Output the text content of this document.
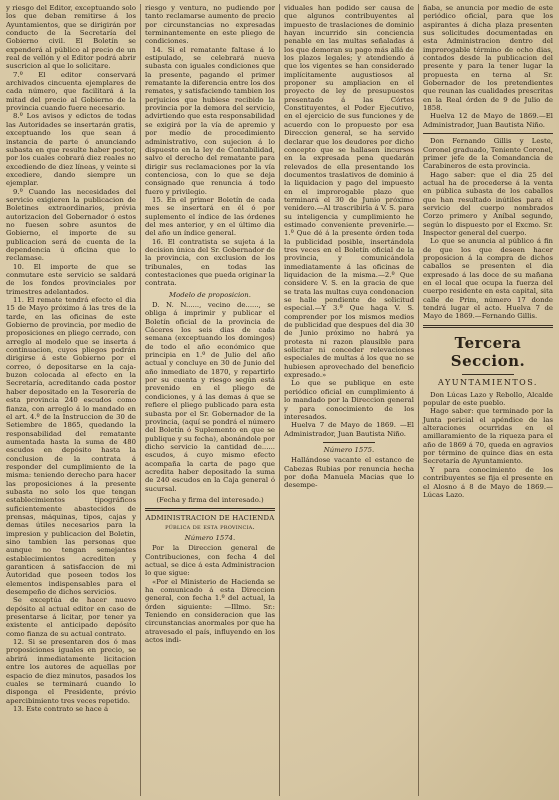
y riesgo del Editor, exceptuando solo los que deban remitirse á los Ayuntamientos, que se dirigirán por conducto de la Secretaría del Gobierno civil. El Boletín se expenderá al público al precio de un real de vellón y el Editor podrá abrir suscricion al que lo solicitare.

7.º El editor conservará archivados cincuenta ejemplares de cada número, que facilitará á la mitad del precio al Gobierno de la provincia cuando fuere necesario.

8.º Los avisos y edictos de todas las Autoridades se insertarán gratis, exceptuando los que sean á instancia de parte ó anunciando subasta en que resulte haber postor, por los cuales cobrará diez reales no excediendo de diez líneas, y veinte si excediere, dando siempre un ejemplar.

9.º Cuando las necesidades del servicio exigieren la publicacion de Boletines extraordinarios, prévia autorizacion del Gobernador ó estos no fuesen sobre asuntos de Gobierno, el importe de su publicacion será de cuenta de la dependencia ú oficina que lo reclamase.

10. El importe de que se conmutare este servicio se saldará de los fondos provinciales por trimestres adelantados.

11. El remate tendrá efecto el dia 15 de Mayo próximo á las tres de la tarde, en las oficinas de este Gobierno de provincia, por medio de proposiciones en pliego cerrado, con arreglo al modelo que se inserta á continuacion, cuyos pliegos podrán dirigirse á este Gobierno por el correo, ó depositarse en la caja-buzon colocada al efecto en la Secretaría, acreditando cada postor haber depositado en la Tesorería de esta provincia 240 escudos como fianza, con arreglo á lo mandado en el art. 4.º de la Instruccion de 30 de Setiembre de 1865, quedando la responsabilidad del rematante aumentada hasta la suma de 480 escudos en depósito hasta la conclusion de la contrata á responder del cumplimiento de la misma: teniendo derecho para hacer las proposiciones á la presente subasta no solo los que tengan establecimientos tipográficos suficientemente abastecidos de prensas, máquinas, tipos, cajas y demas útiles necesarios para la impresion y publicacion del Boletin, sino tambien las personas que aunque no tengan semejantes establecimientos acrediten y garanticen á satisfaccion de mi Autoridad que poseen todos los elementos indispensables para el desempeño de dichos servicios.

Se exceptúa de hacer nuevo depósito al actual editor en caso de presentarse á licitar, por tener ya existente el anticipado depósito como fianza de su actual contrato.

12. Si se presentaren dos ó mas proposiciones iguales en precio, se abrirá inmediatamente licitacion entre los autores de aquellas por espacio de diez minutos, pasados los cuales se terminará cuando lo disponga el Presidente, prévio apercibimiento tres veces repetido.

13. Este contrato se hace á

riesgo y ventura, no pudiendo por tanto reclamarse aumento de precio por circunstancias no expresadas terminantemente en este pliego de condiciones.

14. Si el rematante faltase á lo estipulado, se celebrará nueva subasta con iguales condiciones que la presente, pagando el primer rematante la diferencia entre los dos remates, y satisfaciendo tambien los perjuicios que hubiese recibido la provincia por la demora del servicio, advirtiendo que esta responsabilidad se exigirá por la vía de apremio y por medio de procedimiento administrativo, con sujecion á lo dispuesto en la ley de Contabilidad, salvo el derecho del rematante para dirigir sus reclamaciones por la vía contenciosa, con lo que se deja consignado que renuncia á todo fuero y privilegio.

15. En el primer Boletín de cada mes se insertará en él ó por suplemento el índice de las órdenes del mes anterior, y en el último dia del año un índice general.

16. El contratista se sujeta á la decision única del Sr. Gobernador de la provincia, con exclusion de los tribunales, en todas las contestaciones que pueda originar la contrata.

Modelo de proposicion.

D. N. N......, vecino de......, se obliga á imprimir y publicar el Boletín oficial de la provincia de Cáceres los seis dias de cada semana (exceptuando los domingos) de todo el año económico que principia en 1.º de Julio del año actual y concluye en 30 de Junio del año inmediato de 1870, y repartirlo por su cuenta y riesgo según está prevenido en el pliego de condiciones, y á las demas á que se refiere el pliego publicado para esta subasta por el Sr. Gobernador de la provincia, (aquí se pondrá el número del Boletín ó Suplemento en que se publique y su fecha), abonándole por dicho servicio la cantidad de...... escudos, á cuyo mismo efecto acompaña la carta de pago que acredita haber depositado la suma de 240 escudos en la Caja general ó sucursal.

(Fecha y firma del interesado.)

ADMINISTRACION DE HACIENDA pública de esta provincia.

Número 1574.

Por la Direccion general de Contribuciones, con fecha 4 del actual, se dice á esta Administracion lo que sigue:

«Por el Ministerio de Hacienda se ha comunicado á esta Direccion general, con fecha 1.º del actual, la órden siguiente: —Illmo. Sr.: Teniendo en consideracion que las circunstancias anormales por que ha atravesado el país, influyendo en los actos indi-

viduales han podido ser causa de que algunos contribuyentes al impuesto de traslaciones de dominio hayan incurrido sin conciencia penable en las multas señaladas á los que demoran su pago más allá de los plazos legales; y atendiendo á que los vigentes se han considerado implícitamente augustiosos al proponer su ampliacion en el proyecto de ley de presupuestos presentado á las Córtes Constituyentes, el Poder Ejecutivo, en el ejercicio de sus funciones y de acuerdo con lo propuesto por esa Direccion general, se ha servido declarar que los deudores por dicho concepto que se hallasen incursos en la expresada pena quedarán relevados de ella presentando los documentos traslativos de dominio á la liquidacion y pago del impuesto en el improrogable plazo que terminará el 30 de Junio próximo venidero.—Al trascribirla á V. S. para su inteligencia y cumplimiento he estimado conveniente prevenirle.—1.º Que dé á la presente órden toda la publicidad posible, insertándola tres veces en el Boletín oficial de la provincia, y comunicándola inmediatamente á las oficinas de liquidacion de la misma.—2.º Que considere V. S. en la gracia de que se trata las multas cuya condonacion se halle pendiente de solicitud especial.—Y 3.º Que haga V. S. comprender por los mismos medios de publicidad que despues del dia 30 de Junio próximo no habrá ya protesta ni razon plausible para solicitar ni conceder relevaciones especiales de multas á los que no se hubiesen aprovechado del beneficio expresado.»

Lo que se publique en este periódico oficial en cumplimiento á lo mandado por la Direccion general y para conocimiento de los interesados.

Huelva 7 de Mayo de 1869. —El Administrador, Juan Bautista Niño.

Número 1575.

Hallándose vacante el estanco de Cabezas Rubias por renuncia hecha por doña Manuela Macias que lo desempe-

ñaba, se anuncia por medio de este periódico oficial, para que los aspirantes á dicha plaza presenten sus solicitudes documentadas en esta Administracion dentro del improrogable término de ocho dias, contados desde la publicacion del presente y para la tener lugar la propuesta en terna al Sr. Gobernador de los pretendientes que reunan las cualidades prescritas en la Real órden de 9 de Julio de 1858.

Huelva 12 de Mayo de 1869.—El Administrador, Juan Bautista Niño.

Don Fernando Gillis y Leste, Coronel graduado, Teniente Coronel, primer jefe de la Comandancia de Carabineros de esta provincia.

Hago saber: que el dia 25 del actual ha de procederse á la venta en pública subasta de los caballos que han resultado inútiles para el servicio del cuerpo nombrados Corzo primero y Aníbal segundo, según lo dispuesto por el Excmo. Sr. Inspector general del cuerpo.

Lo que se anuncia al público á fin de que los que deseen hacer proposicion á la compra de dichos caballos se presenten el dia expresado á las doce de su mañana en el local que ocupa la fuerza del cuerpo residente en esta capital, sita calle de Prim, número 17 donde tendrá lugar el acto. Huelva 7 de Mayo de 1869.—Fernando Gillis.

Tercera Seccion.
AYUNTAMIENTOS.

Don Lúcas Lazo y Rebollo, Alcalde popular de este pueblo.

Hago saber: que terminado por la Junta pericial el apéndice de las alteraciones ocurridas en el amillaramiento de la riqueza para el año de 1869 á 70, queda en agravios por término de quince dias en esta Secretaría de Ayuntamiento.

Y para conocimiento de los contribuyentes se fija el presente en el Alosno á 8 de Mayo de 1869.—Lúcas Lazo.
